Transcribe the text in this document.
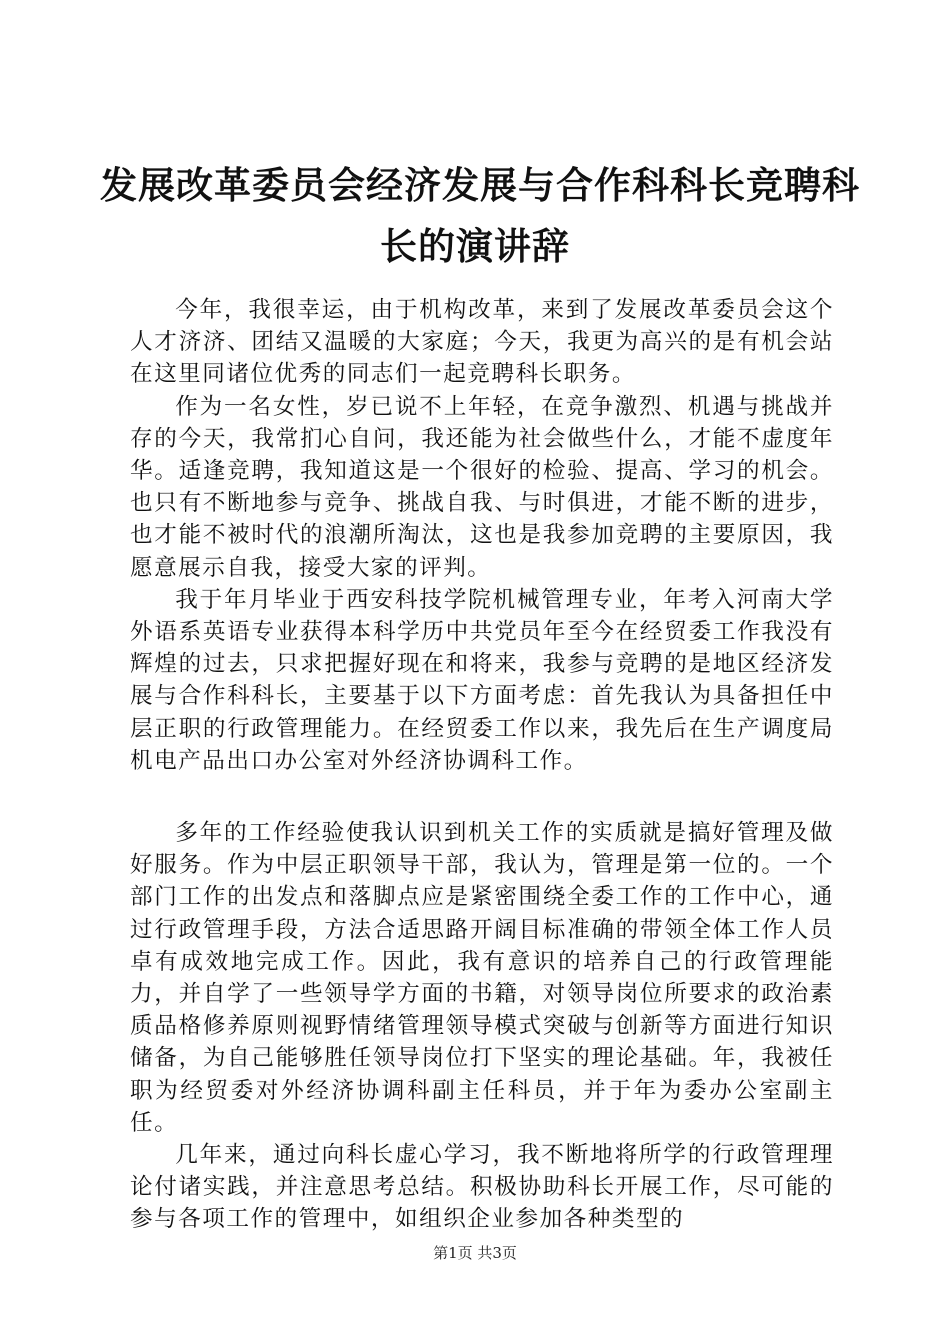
发展改革委员会经济发展与合作科科长竞聘科
长的演讲辞

今年，我很幸运，由于机构改革，来到了发展改革委员会这个人才济济、团结又温暖的大家庭；今天，我更为高兴的是有机会站在这里同诸位优秀的同志们一起竞聘科长职务。

作为一名女性，岁已说不上年轻，在竞争激烈、机遇与挑战并存的今天，我常扪心自问，我还能为社会做些什么，才能不虚度年华。适逢竞聘，我知道这是一个很好的检验、提高、学习的机会。也只有不断地参与竞争、挑战自我、与时俱进，才能不断的进步，也才能不被时代的浪潮所淘汰，这也是我参加竞聘的主要原因，我愿意展示自我，接受大家的评判。

我于年月毕业于西安科技学院机械管理专业，年考入河南大学外语系英语专业获得本科学历中共党员年至今在经贸委工作我没有辉煌的过去，只求把握好现在和将来，我参与竞聘的是地区经济发展与合作科科长，主要基于以下方面考虑：首先我认为具备担任中层正职的行政管理能力。在经贸委工作以来，我先后在生产调度局机电产品出口办公室对外经济协调科工作。

多年的工作经验使我认识到机关工作的实质就是搞好管理及做好服务。作为中层正职领导干部，我认为，管理是第一位的。一个部门工作的出发点和落脚点应是紧密围绕全委工作的工作中心，通过行政管理手段，方法合适思路开阔目标准确的带领全体工作人员卓有成效地完成工作。因此，我有意识的培养自己的行政管理能力，并自学了一些领导学方面的书籍，对领导岗位所要求的政治素质品格修养原则视野情绪管理领导模式突破与创新等方面进行知识储备，为自己能够胜任领导岗位打下坚实的理论基础。年，我被任职为经贸委对外经济协调科副主任科员，并于年为委办公室副主任。

几年来，通过向科长虚心学习，我不断地将所学的行政管理理论付诸实践，并注意思考总结。积极协助科长开展工作，尽可能的参与各项工作的管理中，如组织企业参加各种类型的

第1页 共3页
